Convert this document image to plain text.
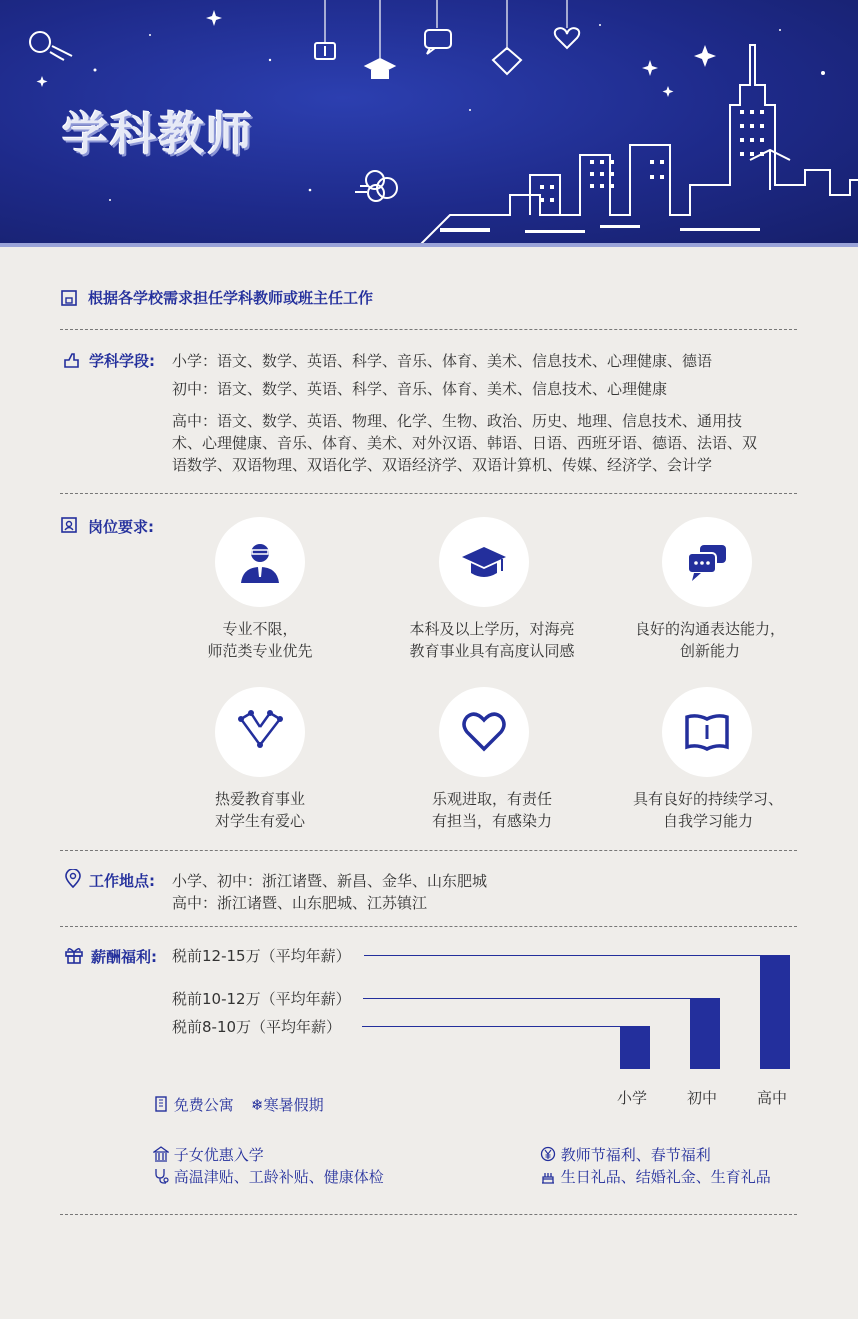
学科教师
根据各学校需求担任学科教师或班主任工作
学科学段: 小学：语文、数学、英语、科学、音乐、体育、美术、信息技术、心理健康、德语
初中：语文、数学、英语、科学、音乐、体育、美术、信息技术、心理健康
高中：语文、数学、英语、物理、化学、生物、政治、历史、地理、信息技术、通用技
术、心理健康、音乐、体育、美术、对外汉语、韩语、日语、西班牙语、德语、法语、双
语数学、双语物理、双语化学、双语经济学、双语计算机、传媒、经济学、会计学
岗位要求:
专业不限，
师范类专业优先
本科及以上学历，对海亮
教育事业具有高度认同感
良好的沟通表达能力，
创新能力
热爱教育事业
对学生有爱心
乐观进取，有责任
有担当，有感染力
具有良好的持续学习、
自我学习能力
工作地点: 小学、初中：浙江诸暨、新昌、金华、山东肥城
高中：浙江诸暨、山东肥城、江苏镇江
薪酬福利:
小学
税前8-10万（平均年薪）
初中
税前10-12万（平均年薪）
高中
税前12-15万（平均年薪）
免费公寓 ❄寒暑假期
子女优惠入学
高温津贴、工龄补贴、健康体检
教师节福利、春节福利
生日礼品、结婚礼金、生育礼品
